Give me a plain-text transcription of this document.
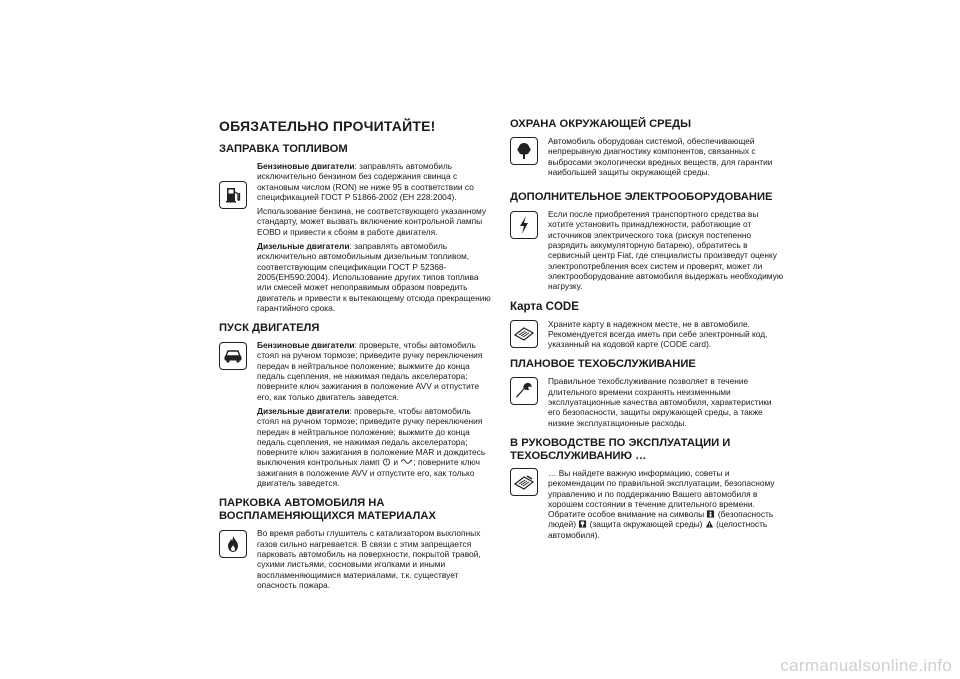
ОБЯЗАТЕЛЬНО ПРОЧИТАЙТЕ!
ЗАПРАВКА ТОПЛИВОМ

Бензиновые двигатели: заправлять автомобиль исключительно бензином без содержания свинца с октановым числом (RON) не ниже 95 в соответствии со спецификацией ГОСТ Р 51866-2002 (ЕН 228:2004).

Использование бензина, не соответствующего указанному стандарту, может вызвать включение контрольной лампы EOBD и привести к сбоям в работе двигателя.

Дизельные двигатели: заправлять автомобиль исключительно автомобильным дизельным топливом, соответствующим спецификации ГОСТ Р 52368- 2005(ЕН590:2004). Использование других типов топлива или смесей может непоправимым образом повредить двигатель и привести к вытекающему отсюда прекращению гарантийного срока.

ПУСК ДВИГАТЕЛЯ

Бензиновые двигатели: проверьте, чтобы автомобиль стоял на ручном тормозе; приведите ручку переключения передач в нейтральное положение; выжмите до конца педаль сцепления, не нажимая педаль акселератора; поверните ключ зажигания в положение AVV и отпустите его, как только двигатель заведется.

Дизельные двигатели: проверьте, чтобы автомобиль стоял на ручном тормозе; приведите ручку переключения передач в нейтральное положение; выжмите до конца педаль сцепления, не нажимая педаль акселератора; поверните ключ зажигания в положение MAR и дождитесь выключения контрольных ламп и ; поверните ключ зажигания в положение AVV и отпустите его, как только двигатель заведется.

ПАРКОВКА АВТОМОБИЛЯ НА ВОСПЛАМЕНЯЮЩИХСЯ МАТЕРИАЛАХ

Во время работы глушитель с катализатором выхлопных газов сильно нагревается. В связи с этим запрещается парковать автомобиль на поверхности, покрытой травой, сухими листьями, сосновыми иголками и иными воспламеняющимися материалами, т.к. существует опасность пожара.

ОХРАНА ОКРУЖАЮЩЕЙ СРЕДЫ

Автомобиль оборудован системой, обеспечивающей непрерывную диагностику компонентов, связанных с выбросами экологически вредных веществ, для гарантии наибольшей защиты окружающей среды.

ДОПОЛНИТЕЛЬНОЕ ЭЛЕКТРООБОРУДОВАНИЕ

Если после приобретения транспортного средства вы хотите установить принадлежности, работающие от источников электрического тока (рискуя постепенно разрядить аккумуляторную батарею), обратитесь в сервисный центр Fiat, где специалисты произведут оценку электропотребления всех систем и проверят, может ли электрооборудование автомобиля выдержать необходимую нагрузку.

Карта CODE

Храните карту в надежном месте, не в автомобиле. Рекомендуется всегда иметь при себе электронный код, указанный на кодовой карте (CODE card).

ПЛАНОВОЕ ТЕХОБСЛУЖИВАНИЕ

Правильное техобслуживание позволяет в течение длительного времени сохранять неизменными эксплуатационные качества автомобиля, характеристики его безопасности, защиты окружающей среды, а также низкие эксплуатационные расходы.

В РУКОВОДСТВЕ ПО ЭКСПЛУАТАЦИИ И ТЕХОБСЛУЖИВАНИЮ …

… Вы найдете важную информацию, советы и рекомендации по правильной эксплуатации, безопасному управлению и по поддержанию Вашего автомобиля в хорошем состоянии в течение длительного времени. Обратите особое внимание на символы (безопасность людей) (защита окружающей среды) (целостность автомобиля).

carmanualsonline.info
